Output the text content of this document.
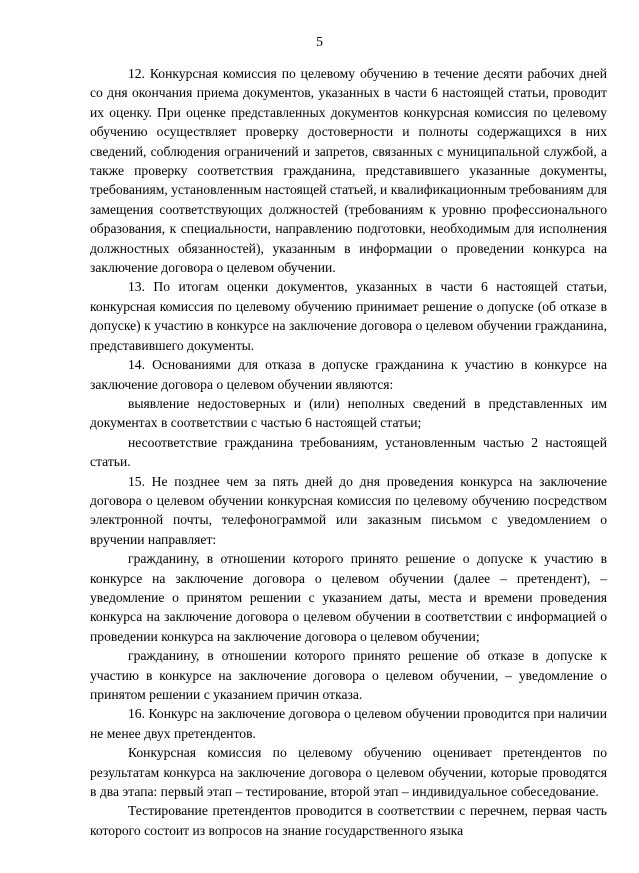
5

12. Конкурсная комиссия по целевому обучению в течение десяти рабочих дней со дня окончания приема документов, указанных в части 6 настоящей статьи, проводит их оценку. При оценке представленных документов конкурсная комиссия по целевому обучению осуществляет проверку достоверности и полноты содержащихся в них сведений, соблюдения ограничений и запретов, связанных с муниципальной службой, а также проверку соответствия гражданина, представившего указанные документы, требованиям, установленным настоящей статьей, и квалификационным требованиям для замещения соответствующих должностей (требованиям к уровню профессионального образования, к специальности, направлению подготовки, необходимым для исполнения должностных обязанностей), указанным в информации о проведении конкурса на заключение договора о целевом обучении.

13. По итогам оценки документов, указанных в части 6 настоящей статьи, конкурсная комиссия по целевому обучению принимает решение о допуске (об отказе в допуске) к участию в конкурсе на заключение договора о целевом обучении гражданина, представившего документы.

14. Основаниями для отказа в допуске гражданина к участию в конкурсе на заключение договора о целевом обучении являются:

выявление недостоверных и (или) неполных сведений в представленных им документах в соответствии с частью 6 настоящей статьи;

несоответствие гражданина требованиям, установленным частью 2 настоящей статьи.

15. Не позднее чем за пять дней до дня проведения конкурса на заключение договора о целевом обучении конкурсная комиссия по целевому обучению посредством электронной почты, телефонограммой или заказным письмом с уведомлением о вручении направляет:

гражданину, в отношении которого принято решение о допуске к участию в конкурсе на заключение договора о целевом обучении (далее – претендент), – уведомление о принятом решении с указанием даты, места и времени проведения конкурса на заключение договора о целевом обучении в соответствии с информацией о проведении конкурса на заключение договора о целевом обучении;

гражданину, в отношении которого принято решение об отказе в допуске к участию в конкурсе на заключение договора о целевом обучении, – уведомление о принятом решении с указанием причин отказа.

16. Конкурс на заключение договора о целевом обучении проводится при наличии не менее двух претендентов.

Конкурсная комиссия по целевому обучению оценивает претендентов по результатам конкурса на заключение договора о целевом обучении, которые проводятся в два этапа: первый этап – тестирование, второй этап – индивидуальное собеседование.

Тестирование претендентов проводится в соответствии с перечнем, первая часть которого состоит из вопросов на знание государственного языка
